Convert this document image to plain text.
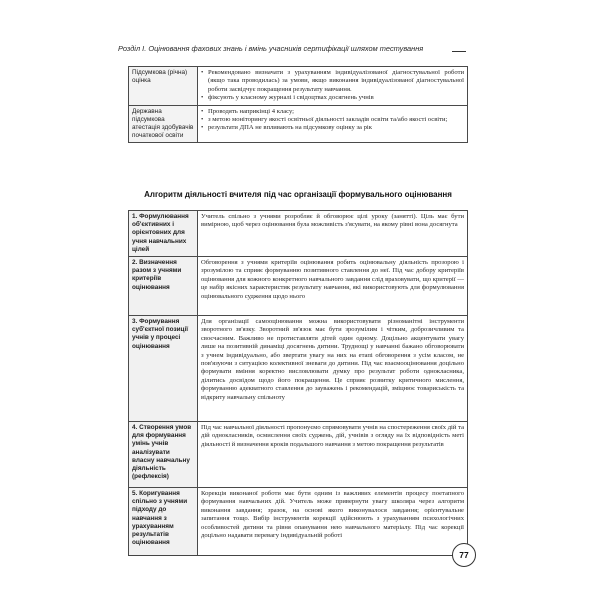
Розділ І. Оцінювання фахових знань і вмінь учасників сертифікації шляхом тестування
Підсумкова (річна) оцінка	• Рекомендовано визначати з урахуванням індивідуалізованої діагностувальної роботи (якщо така проводилась) за умови, якщо виконання індивідуалізованої діагностувальної роботи засвідчує покращення результату навчання.
• фіксують у класному журналі і свідоцтвах досягнень учнів

Державна підсумкова атестація здобувачів початкової освіти	• Проводять наприкінці 4 класу;
• з метою моніторингу якості освітньої діяльності закладів освіти та/або якості освіти;
• результати ДПА не впливають на підсумкову оцінку за рік
Алгоритм діяльності вчителя під час організації формувального оцінювання
1. Формулювання об'єктивних і орієнтовних для учня навчальних цілей	Учитель спільно з учнями розробляє й обговорює цілі уроку (занятті). Ціль має бути вимірною, щоб через оцінювання була можливість з'ясувати, на якому рівні вона досягнута
2. Визначення разом з учнями критеріїв оцінювання	Обговорення з учнями критеріїв оцінювання робить оцінювальну діяльність прозорою і зрозумілою та сприяє формуванню позитивного ставлення до неї. Під час добору критеріїв оцінювання для кожного конкретного навчального завдання слід враховувати, що критерії — це набір якісних характеристик результату навчання, які використовують для формулювання оцінювального судження щодо нього
3. Формування суб'єктної позиції учнів у процесі оцінювання	Для організації самооцінювання можна використовувати різноманітні інструменти зворотного зв'язку. Зворотний зв'язок має бути зрозумілим і чітким, доброзичливим та своєчасним. Важливо не протиставляти дітей один одному. Доцільно акцентувати увагу лише на позитивній динаміці досягнень дитини. Труднощі у навчанні бажано обговорювати з учнем індивідуально, або звертати увагу на них на етапі обговорення з усім класом, не пов'язуючи з ситуацією колективної зневаги до дитини. Під час взаємооцінювання доцільно формувати вміння коректно висловлювати думку про результат роботи однокласника, ділитись досвідом щодо його покращення. Це сприяє розвитку критичного мислення, формуванню адекватного ставлення до зауважень і рекомендацій, зміцнює товариськість та відкриту навчальну спільноту
4. Створення умов для формування умінь учнів аналізувати власну навчальну діяльність (рефлексія)	Під час навчальної діяльності пропонуємо спрямовувати учнів на спостереження своїх дій та дій однокласників, осмислення своїх суджень, дій, учнівів з огляду на їх відповідність меті діяльності й визначення кроків подальшого навчання з метою покращення результатів
5. Коригування спільно з учнями підходу до навчання з урахуванням результатів оцінювання	Корекція виконаної роботи має бути одним із важливих елементів процесу поетапного формування навчальних дій. Учитель може привернути увагу школяра через алгоритм виконання завдання; зразок, на основі якого виконувалося завдання; орієнтувальне запитання тощо. Вибір інструментів корекції здійснюють з урахуванням психологічних особливостей дитини та рівня опанування нею навчального матеріалу. Під час корекції доцільно надавати перевагу індивідуальній роботі
77
